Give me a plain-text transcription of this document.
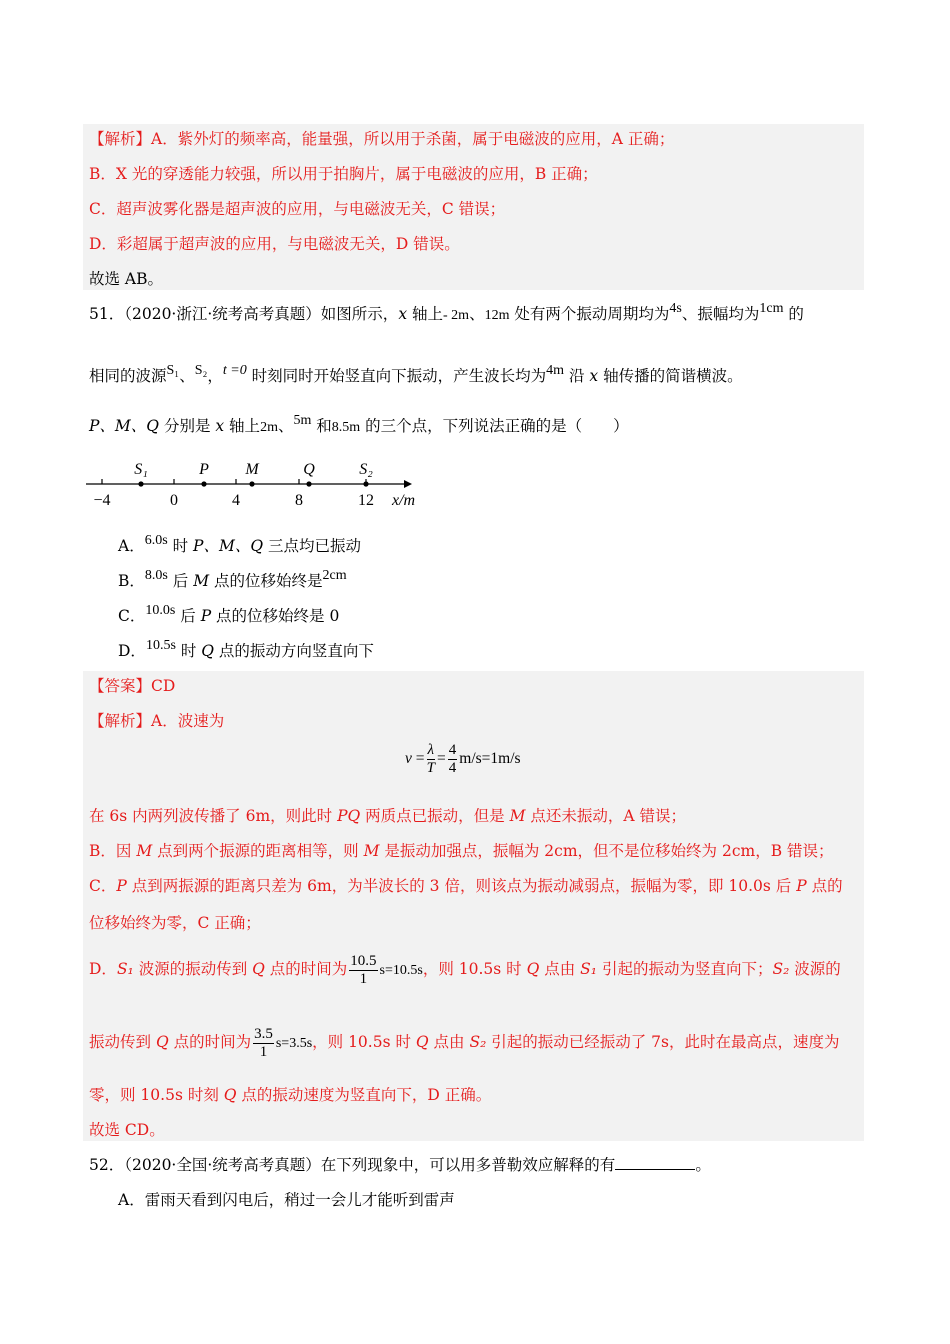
【解析】A．紫外灯的频率高，能量强，所以用于杀菌，属于电磁波的应用，A 正确；
B．X 光的穿透能力较强，所以用于拍胸片，属于电磁波的应用，B 正确；
C．超声波雾化器是超声波的应用，与电磁波无关，C 错误；
D．彩超属于超声波的应用，与电磁波无关，D 错误。
故选 AB。
51．（2020·浙江·统考高考真题）如图所示，x 轴上- 2m、12m 处有两个振动周期均为4s、振幅均为1cm 的
相同的波源S₁、S₂，t =0 时刻同时开始竖直向下振动，产生波长均为4m 沿 x 轴传播的简谐横波。
P、M、Q 分别是 x 轴上2m、5m 和8.5m 的三个点，下列说法正确的是（　　）
−4	0	4	8	12
S₁	P M	Q	S₂
x/m
A．6.0s 时 P、M、Q 三点均已振动
B．8.0s 后 M 点的位移始终是2cm
C．10.0s 后 P 点的位移始终是 0
D．10.5s 时 Q 点的振动方向竖直向下
【答案】CD
【解析】A．波速为
$v = \frac{\lambda}{T} = \frac{4}{4} m/s=1m/s$
在 6s 内两列波传播了 6m，则此时 PQ 两质点已振动，但是 M 点还未振动，A 错误；
B．因 M 点到两个振源的距离相等，则 M 是振动加强点，振幅为 2cm，但不是位移始终为 2cm，B 错误；
C．P 点到两振源的距离只差为 6m，为半波长的 3 倍，则该点为振动减弱点，振幅为零，即 10.0s 后 P 点的
位移始终为零，C 正确；
D．S₁ 波源的振动传到 Q 点的时间为 $\frac{10.5}{1} s=10.5s$，则 10.5s 时 Q 点由 S₁ 引起的振动为竖直向下；S₂ 波源的
振动传到 Q 点的时间为 $\frac{3.5}{1} s=3.5s$，则 10.5s 时 Q 点由 S₂ 引起的振动已经振动了 7s，此时在最高点，速度为
零，则 10.5s 时刻 Q 点的振动速度为竖直向下，D 正确。
故选 CD。
52．（2020·全国·统考高考真题）在下列现象中，可以用多普勒效应解释的有	。
A．雷雨天看到闪电后，稍过一会儿才能听到雷声
